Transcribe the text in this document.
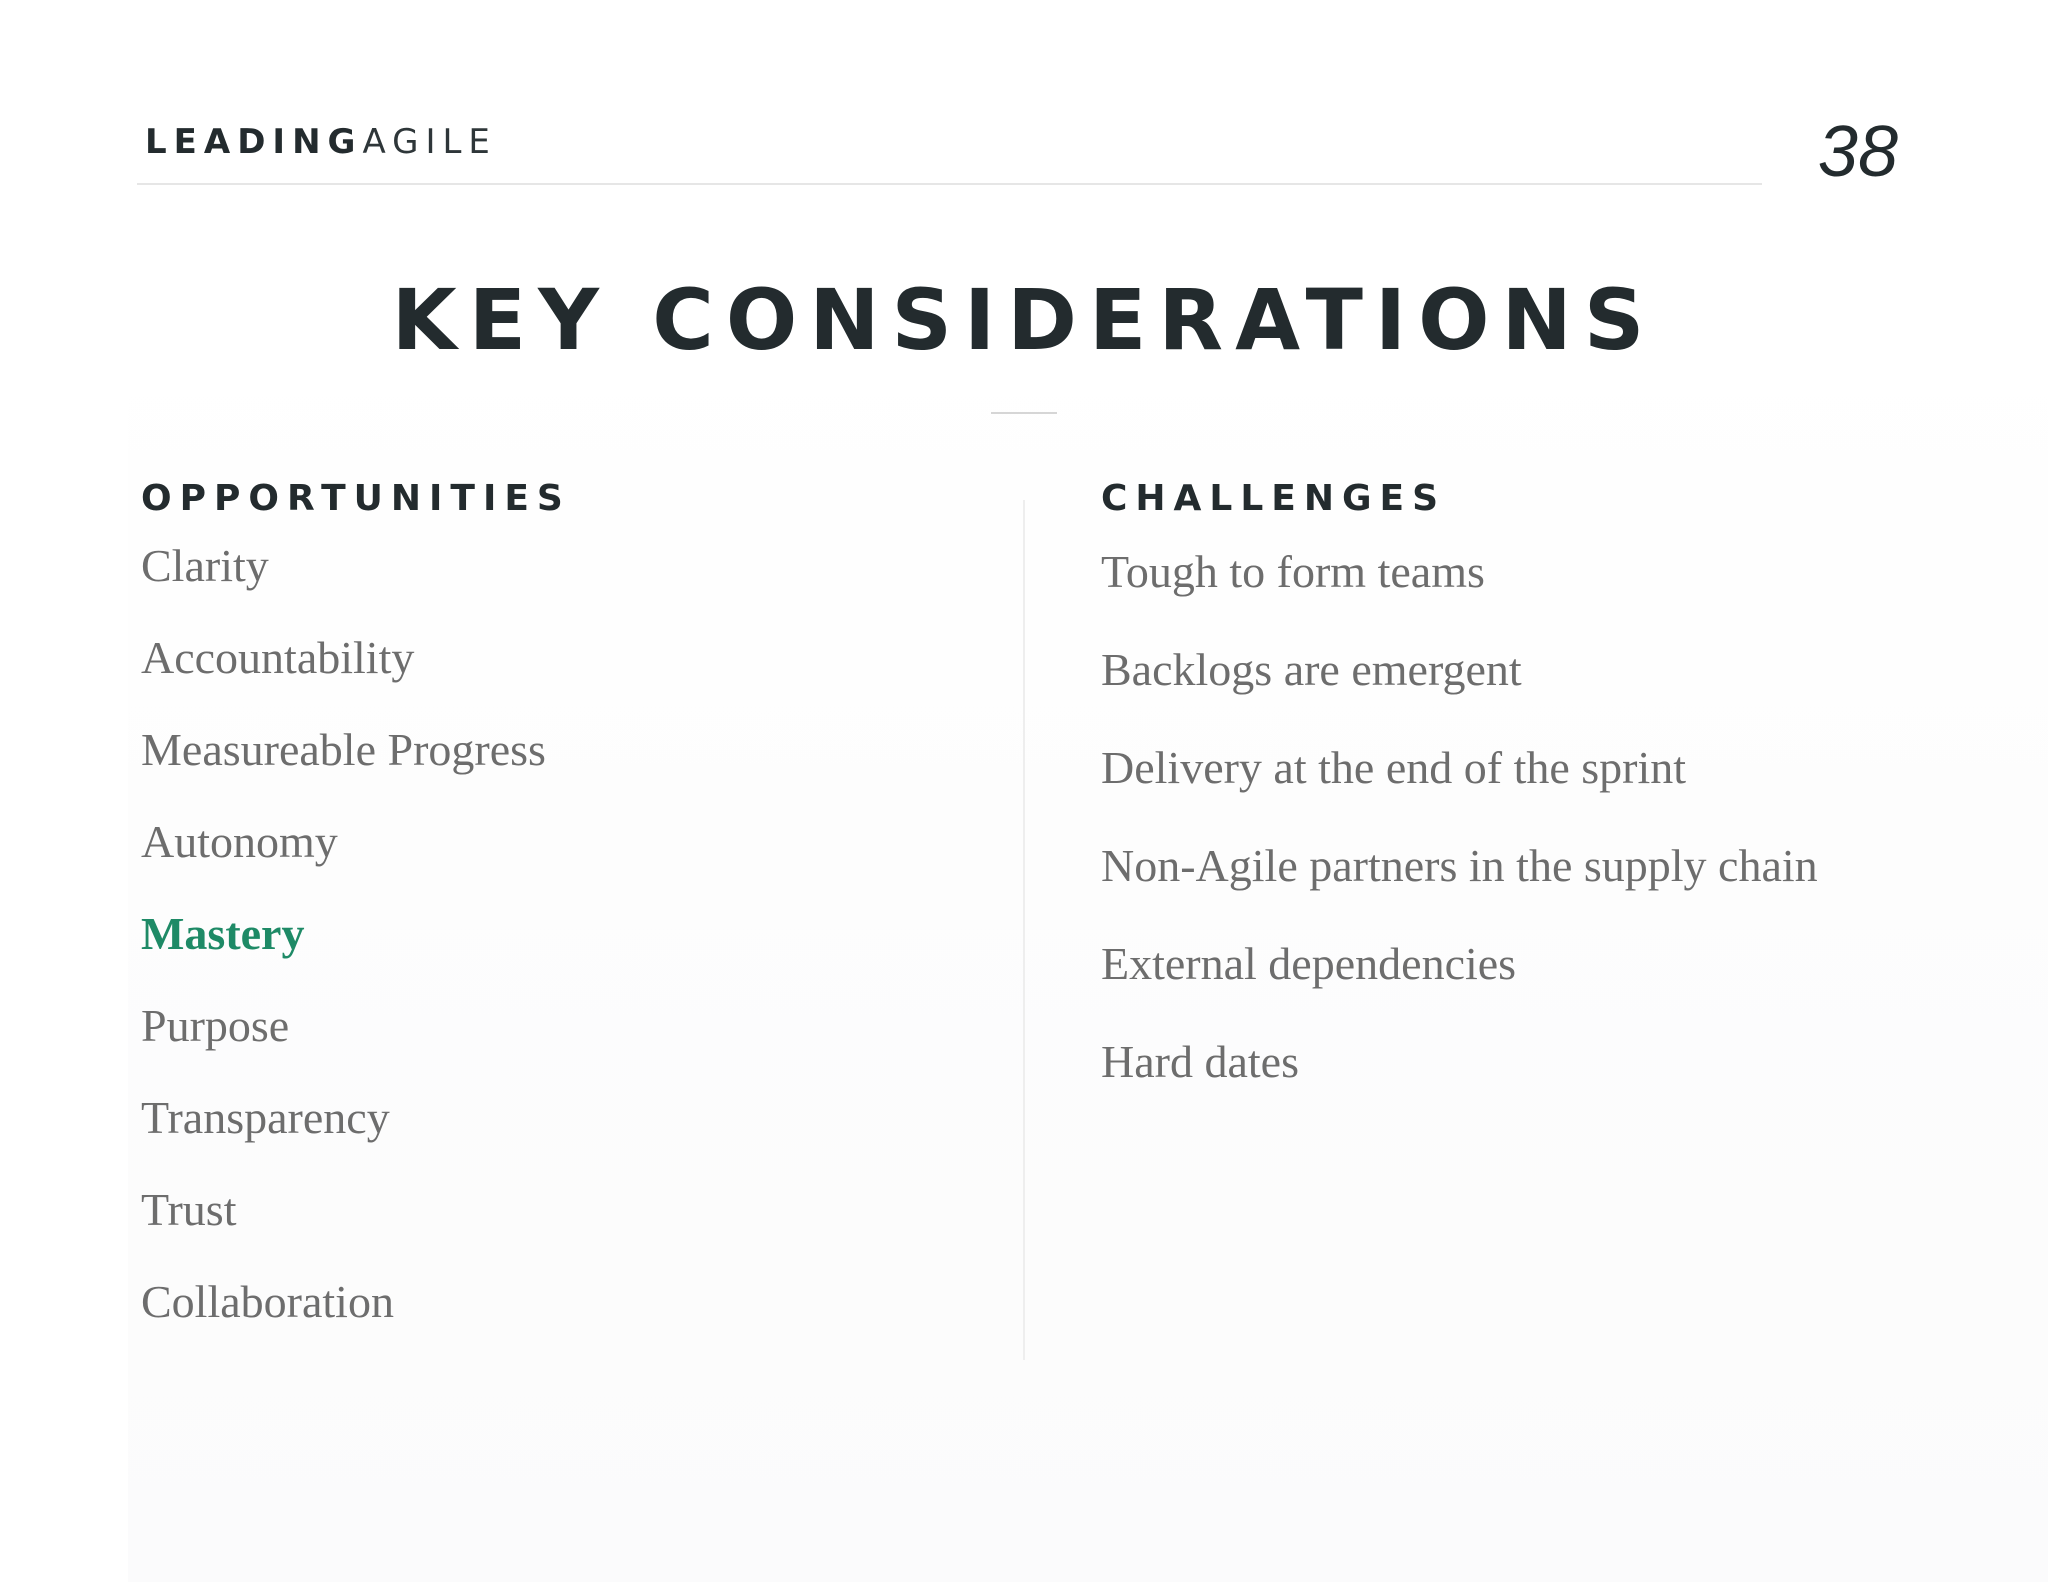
LEADINGAGILE	38
KEY CONSIDERATIONS
OPPORTUNITIES
Clarity
Accountability
Measureable Progress
Autonomy
Mastery
Purpose
Transparency
Trust
Collaboration
CHALLENGES
Tough to form teams
Backlogs are emergent
Delivery at the end of the sprint
Non-Agile partners in the supply chain
External dependencies
Hard dates
